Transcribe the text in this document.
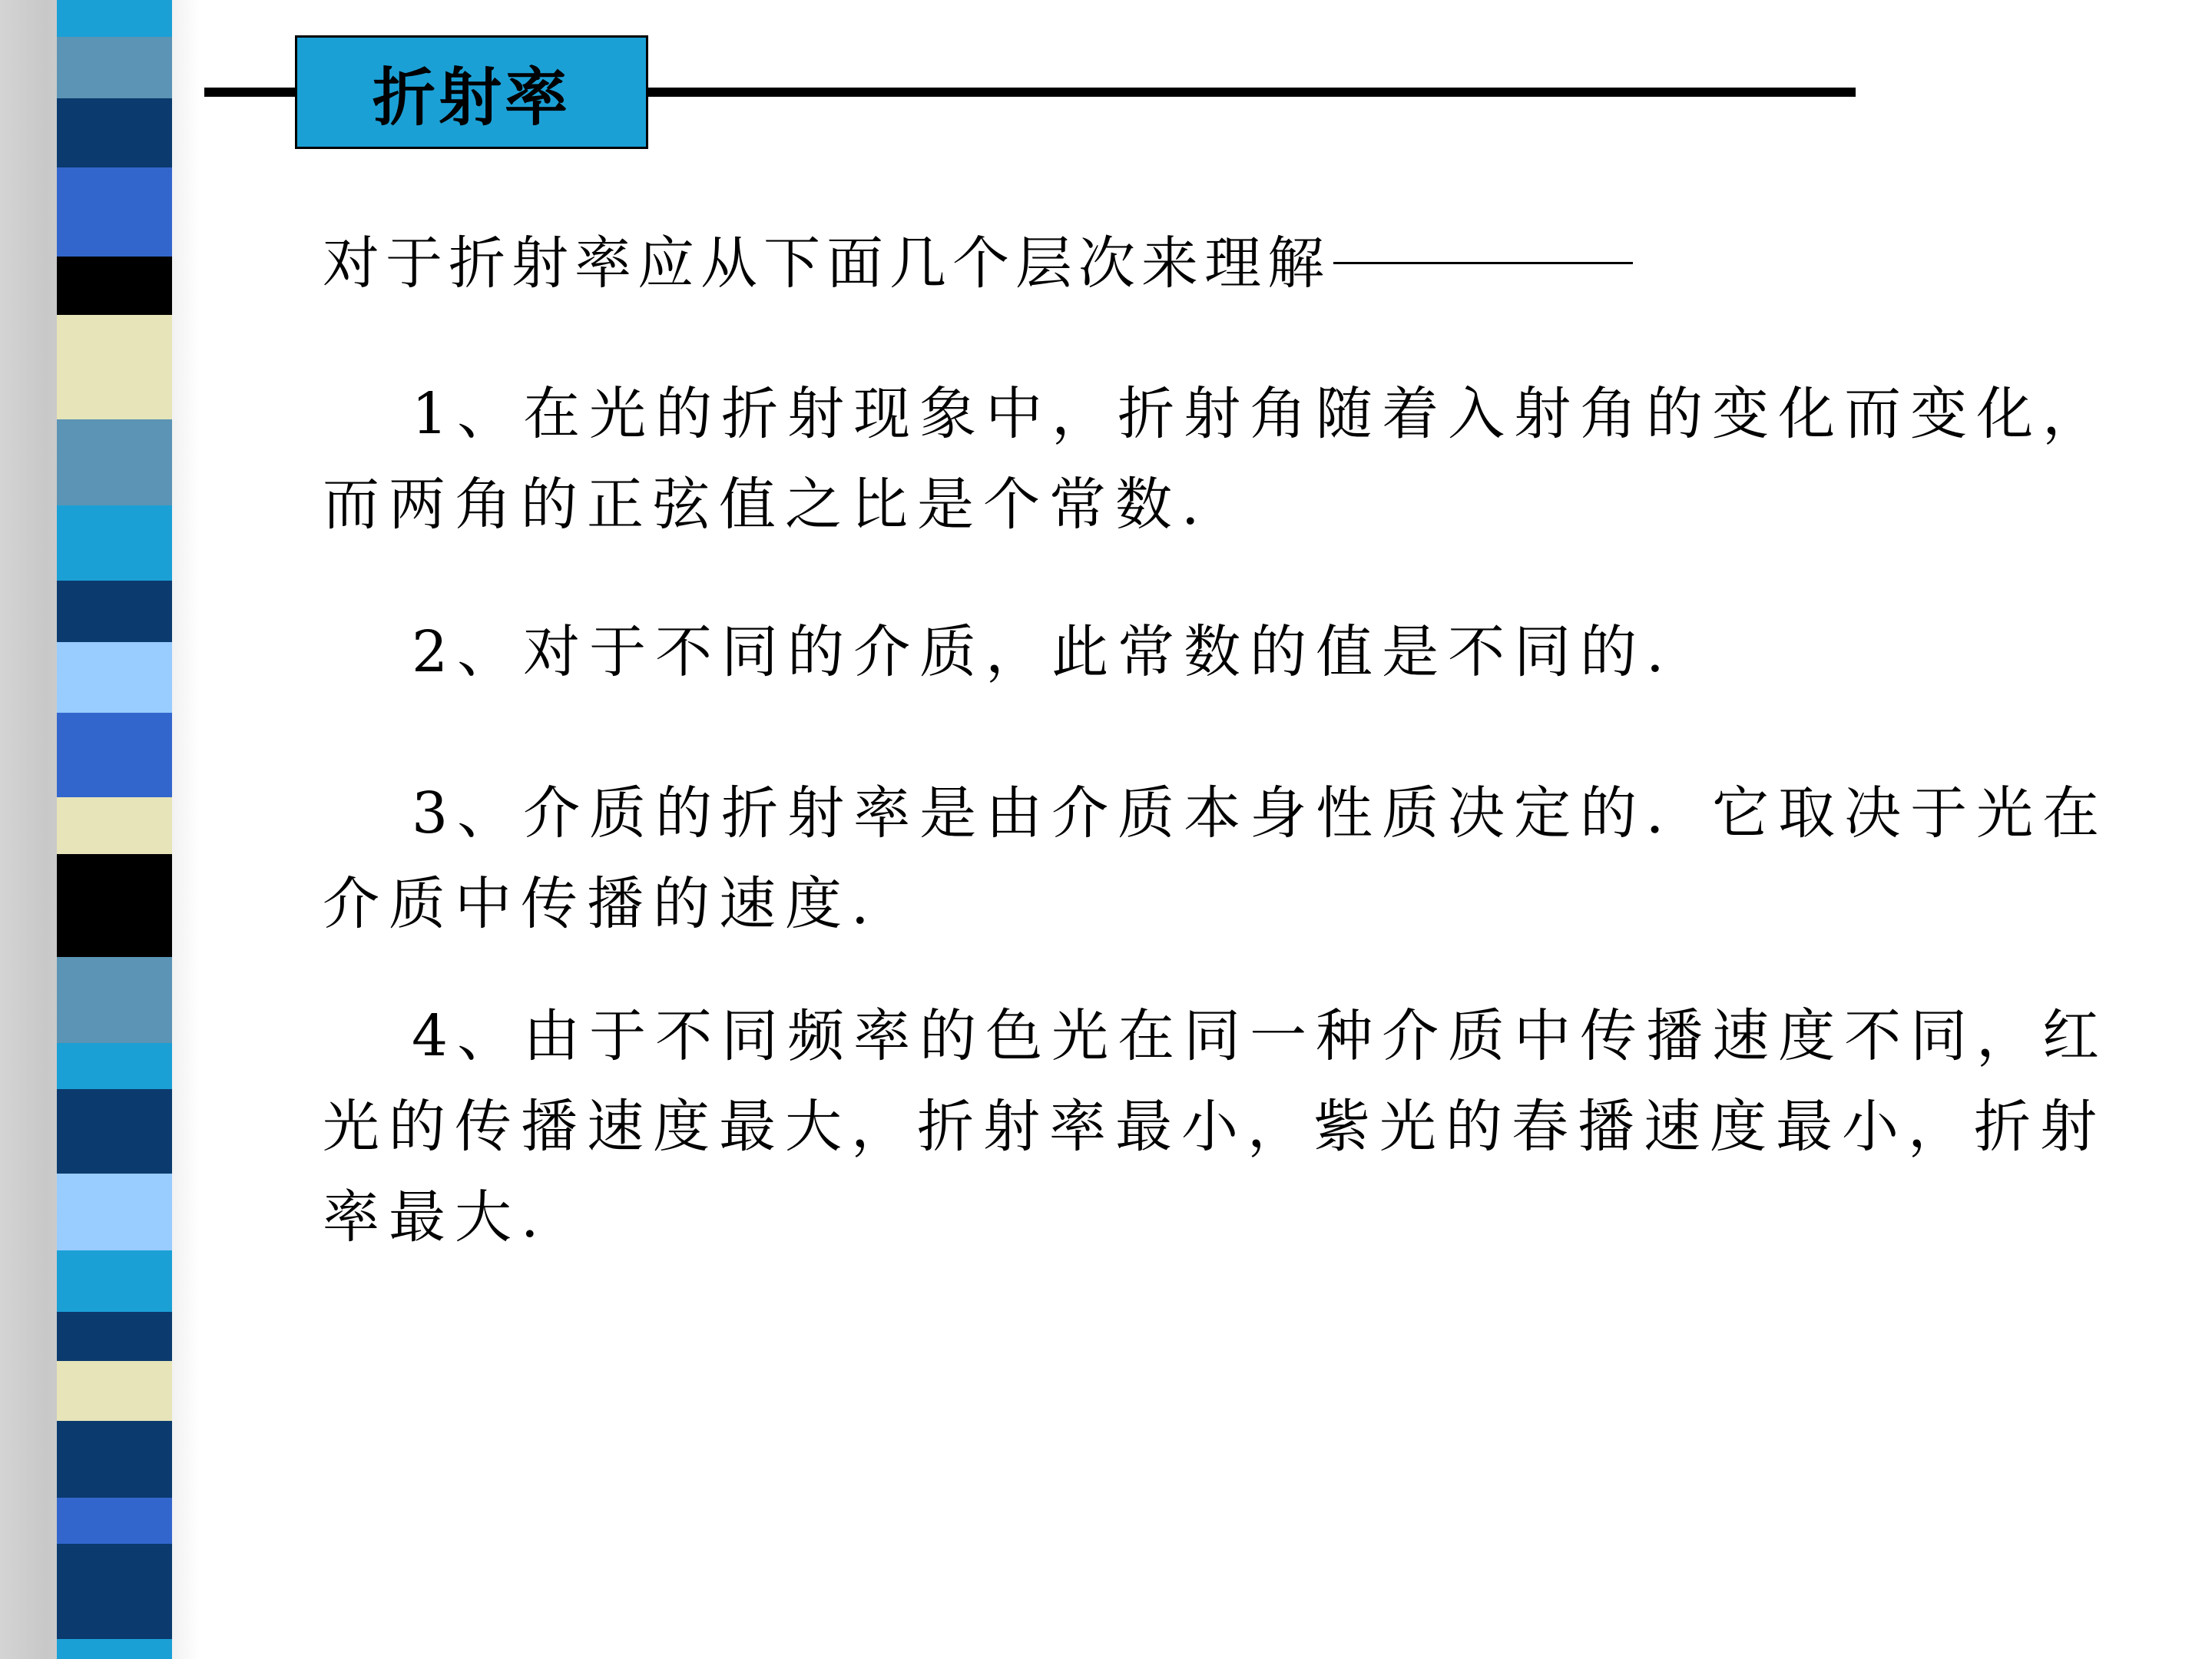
折射率

对于折射率应从下面几个层次来理解

1、在光的折射现象中，折射角随着入射角的变化而变化，而两角的正弦值之比是个常数.

2、对于不同的介质，此常数的值是不同的.

3、介质的折射率是由介质本身性质决定的．它取决于光在介质中传播的速度.

4、由于不同频率的色光在同一种介质中传播速度不同，红光的传播速度最大，折射率最小，紫光的春播速度最小，折射率最大.
